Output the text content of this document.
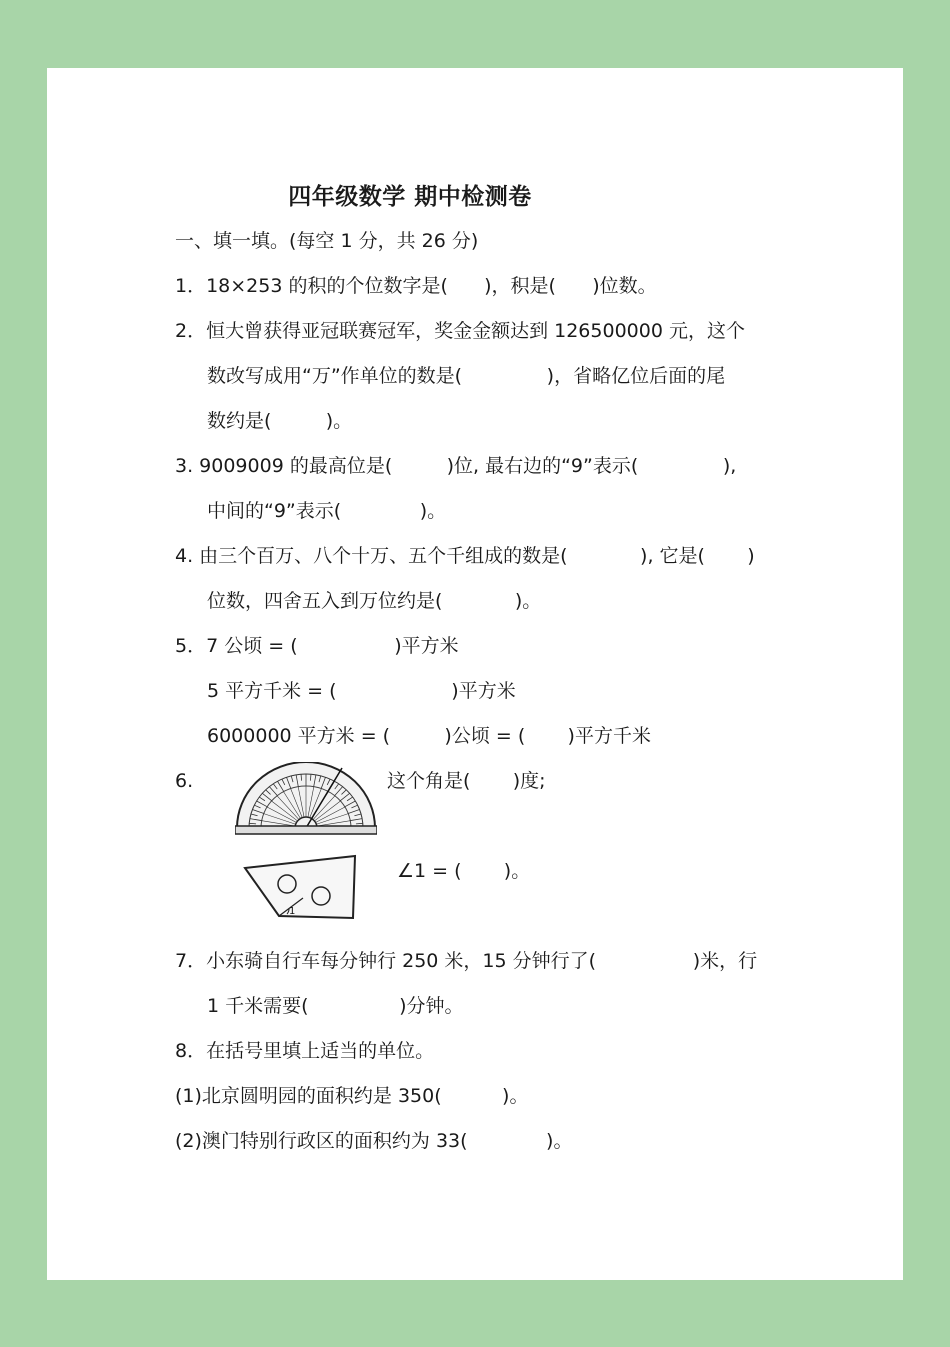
四年级数学 期中检测卷
一、填一填。(每空 1 分，共 26 分)
1．18×253 的积的个位数字是(      )，积是(      )位数。
2．恒大曾获得亚冠联赛冠军，奖金金额达到 126500000 元，这个
数改写成用“万”作单位的数是(              )，省略亿位后面的尾
数约是(         )。
3. 9009009 的最高位是(         )位, 最右边的“9”表示(              ),
中间的“9”表示(             )。
4. 由三个百万、八个十万、五个千组成的数是(            ), 它是(       )
位数，四舍五入到万位约是(            )。
5．7 公顷 = (                )平方米
5 平方千米 = (                   )平方米
6000000 平方米 = (         )公顷 = (       )平方千米
6.	这个角是(       )度;
1
∠1 = (       )。
7．小东骑自行车每分钟行 250 米，15 分钟行了(                )米，行
1 千米需要(               )分钟。
8．在括号里填上适当的单位。
(1)北京圆明园的面积约是 350(          )。
(2)澳门特别行政区的面积约为 33(             )。
